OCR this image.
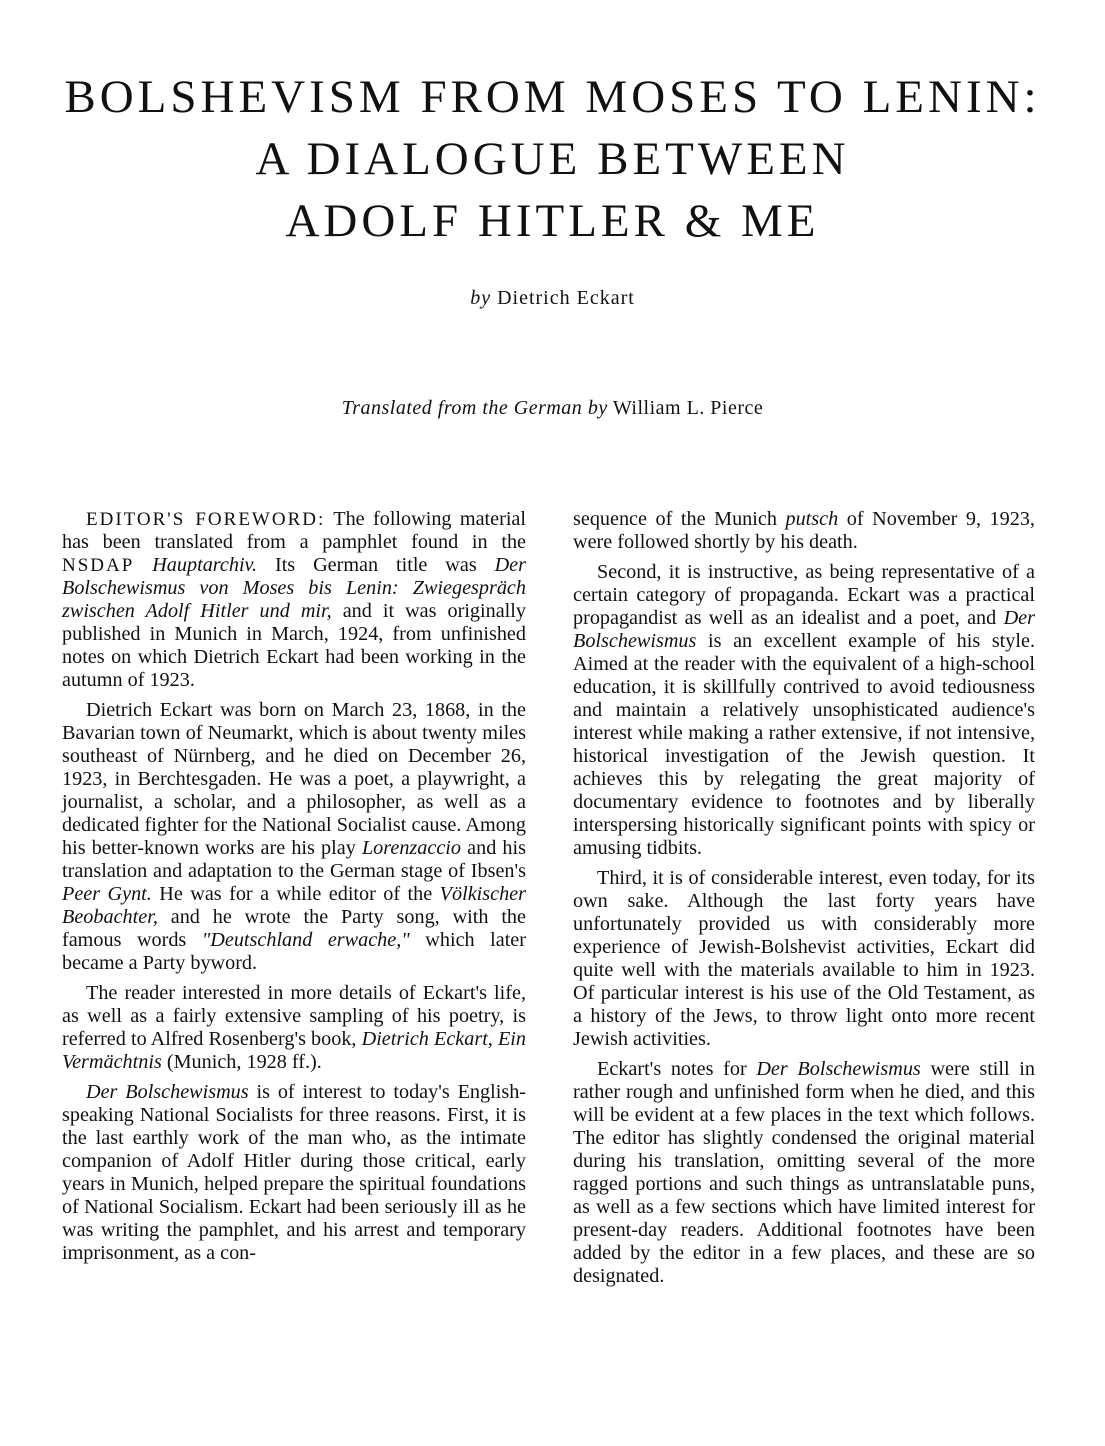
BOLSHEVISM FROM MOSES TO LENIN:
A DIALOGUE BETWEEN
ADOLF HITLER & ME

by Dietrich Eckart

Translated from the German by William L. Pierce

EDITOR'S FOREWORD: The following material has been translated from a pamphlet found in the NSDAP Hauptarchiv. Its German title was Der Bolschewismus von Moses bis Lenin: Zwiegespräch zwischen Adolf Hitler und mir, and it was originally published in Munich in March, 1924, from unfinished notes on which Dietrich Eckart had been working in the autumn of 1923.

Dietrich Eckart was born on March 23, 1868, in the Bavarian town of Neumarkt, which is about twenty miles southeast of Nürnberg, and he died on December 26, 1923, in Berchtesgaden. He was a poet, a playwright, a journalist, a scholar, and a philosopher, as well as a dedicated fighter for the National Socialist cause. Among his better-known works are his play Lorenzaccio and his translation and adaptation to the German stage of Ibsen's Peer Gynt. He was for a while editor of the Völkischer Beobachter, and he wrote the Party song, with the famous words "Deutschland erwache," which later became a Party byword.

The reader interested in more details of Eckart's life, as well as a fairly extensive sampling of his poetry, is referred to Alfred Rosenberg's book, Dietrich Eckart, Ein Vermächtnis (Munich, 1928 ff.).

Der Bolschewismus is of interest to today's English-speaking National Socialists for three reasons. First, it is the last earthly work of the man who, as the intimate companion of Adolf Hitler during those critical, early years in Munich, helped prepare the spiritual foundations of National Socialism. Eckart had been seriously ill as he was writing the pamphlet, and his arrest and temporary imprisonment, as a con-

sequence of the Munich putsch of November 9, 1923, were followed shortly by his death.

Second, it is instructive, as being representative of a certain category of propaganda. Eckart was a practical propagandist as well as an idealist and a poet, and Der Bolschewismus is an excellent example of his style. Aimed at the reader with the equivalent of a high-school education, it is skillfully contrived to avoid tediousness and maintain a relatively unsophisticated audience's interest while making a rather extensive, if not intensive, historical investigation of the Jewish question. It achieves this by relegating the great majority of documentary evidence to footnotes and by liberally interspersing historically significant points with spicy or amusing tidbits.

Third, it is of considerable interest, even today, for its own sake. Although the last forty years have unfortunately provided us with considerably more experience of Jewish-Bolshevist activities, Eckart did quite well with the materials available to him in 1923. Of particular interest is his use of the Old Testament, as a history of the Jews, to throw light onto more recent Jewish activities.

Eckart's notes for Der Bolschewismus were still in rather rough and unfinished form when he died, and this will be evident at a few places in the text which follows. The editor has slightly condensed the original material during his translation, omitting several of the more ragged portions and such things as untranslatable puns, as well as a few sections which have limited interest for present-day readers. Additional footnotes have been added by the editor in a few places, and these are so designated.
